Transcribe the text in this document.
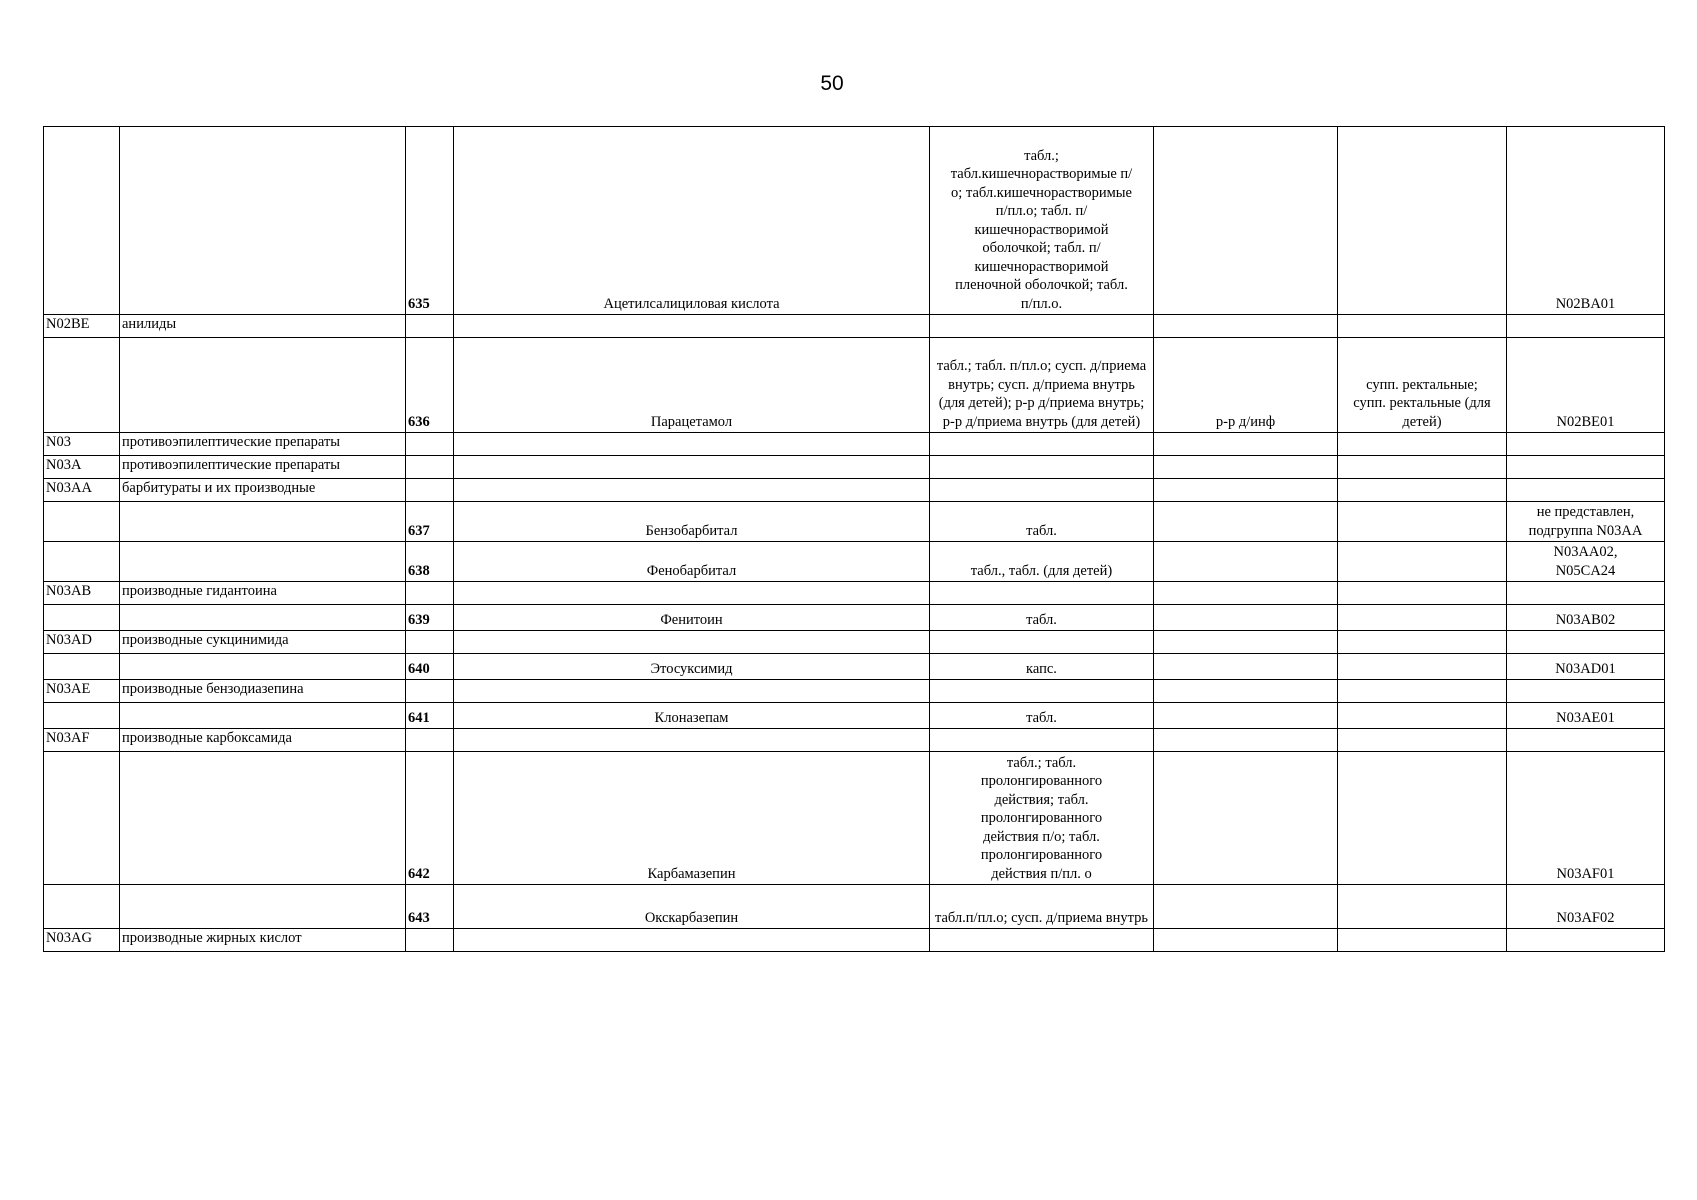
50

		635	Ацетилсалициловая кислота	табл.; табл.кишечнорастворимые п/о; табл.кишечнорастворимые п/пл.о; табл. п/кишечнорастворимой оболочкой; табл. п/кишечнорастворимой пленочной оболочкой; табл. п/пл.о.			N02BA01

N02BE	анилиды						

		636	Парацетамол	табл.; табл. п/пл.о; сусп. д/приема внутрь; сусп. д/приема внутрь (для детей); р-р д/приема внутрь; р-р д/приема внутрь (для детей)	р-р д/инф	супп. ректальные; супп. ректальные (для детей)	N02BE01

N03	противоэпилептические препараты						

N03A	противоэпилептические препараты						

N03AA	барбитураты и их производные						

		637	Бензобарбитал	табл.			не представлен, подгруппа N03AA

		638	Фенобарбитал	табл., табл. (для детей)			N03AA02, N05CA24

N03AB	производные гидантоина						

		639	Фенитоин	табл.			N03AB02

N03AD	производные сукцинимида						

		640	Этосуксимид	капс.			N03AD01

N03AE	производные бензодиазепина						

		641	Клоназепам	табл.			N03AE01

N03AF	производные карбоксамида						

		642	Карбамазепин	табл.; табл. пролонгированного действия; табл. пролонгированного действия п/о; табл. пролонгированного действия п/пл. о			N03AF01

		643	Окскарбазепин	табл.п/пл.о; сусп. д/приема внутрь			N03AF02

N03AG	производные жирных кислот						
